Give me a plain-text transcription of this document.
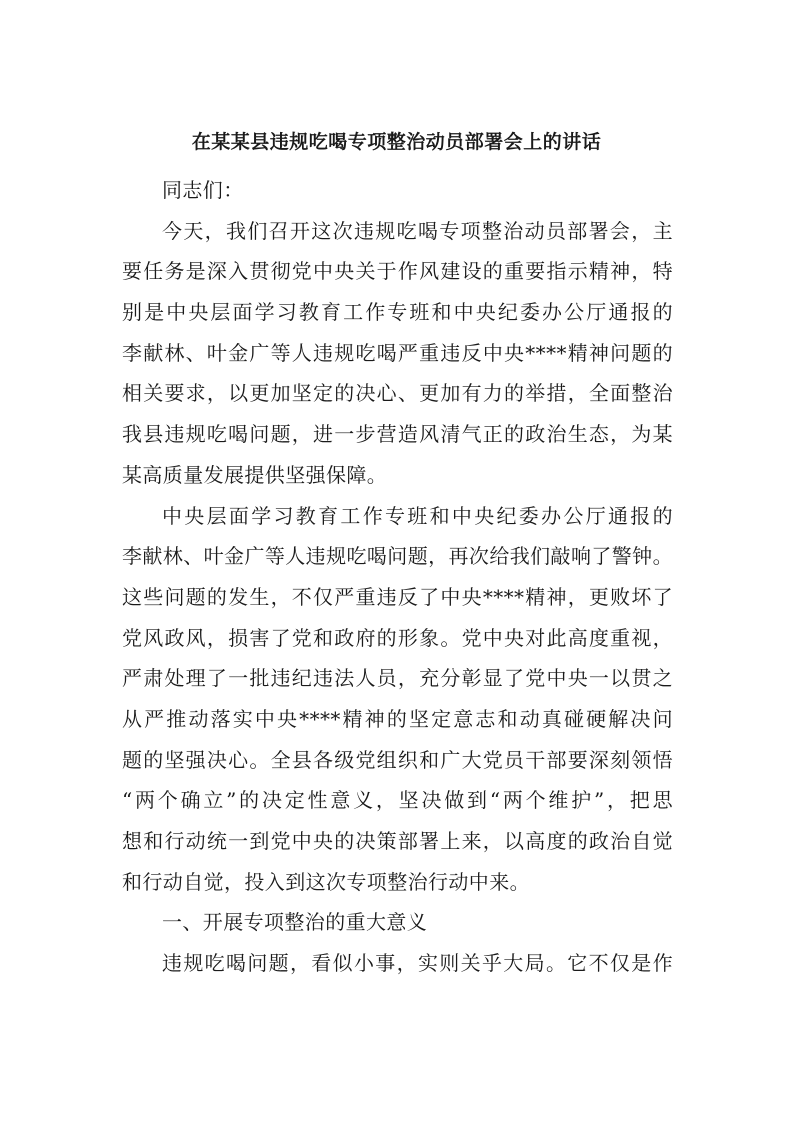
在某某县违规吃喝专项整治动员部署会上的讲话
同志们：
今天，我们召开这次违规吃喝专项整治动员部署会，主
要任务是深入贯彻党中央关于作风建设的重要指示精神，特
别是中央层面学习教育工作专班和中央纪委办公厅通报的
李献林、叶金广等人违规吃喝严重违反中央****精神问题的
相关要求，以更加坚定的决心、更加有力的举措，全面整治
我县违规吃喝问题，进一步营造风清气正的政治生态，为某
某高质量发展提供坚强保障。
中央层面学习教育工作专班和中央纪委办公厅通报的
李献林、叶金广等人违规吃喝问题，再次给我们敲响了警钟。
这些问题的发生，不仅严重违反了中央****精神，更败坏了
党风政风，损害了党和政府的形象。党中央对此高度重视，
严肃处理了一批违纪违法人员，充分彰显了党中央一以贯之
从严推动落实中央****精神的坚定意志和动真碰硬解决问
题的坚强决心。全县各级党组织和广大党员干部要深刻领悟
“两个确立”的决定性意义，坚决做到“两个维护”，把思
想和行动统一到党中央的决策部署上来，以高度的政治自觉
和行动自觉，投入到这次专项整治行动中来。
一、开展专项整治的重大意义
违规吃喝问题，看似小事，实则关乎大局。它不仅是作
